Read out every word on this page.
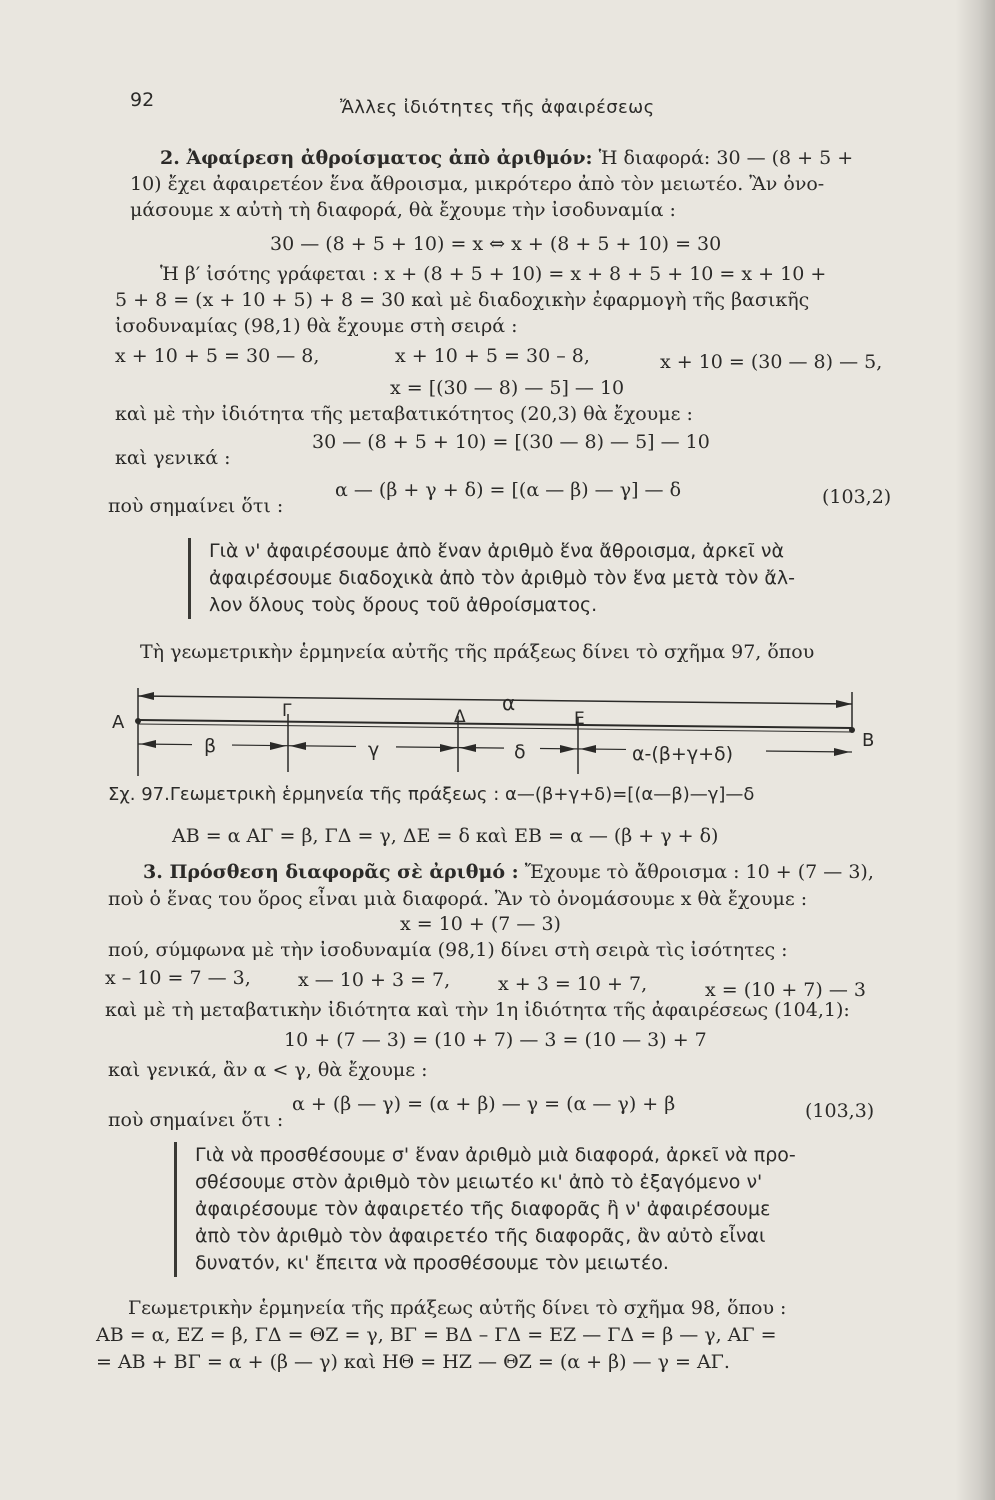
92	Ἄλλες ἰδιότητες τῆς ἀφαιρέσεως
2. Ἀφαίρεση ἀθροίσματος ἀπὸ ἀριθμόν: Ἡ διαφορά: 30 — (8 + 5 +
10) ἔχει ἀφαιρετέον ἕνα ἄθροισμα, μικρότερο ἀπὸ τὸν μειωτέο. Ἂν ὀνο-
μάσουμε x αὐτὴ τὴ διαφορά, θὰ ἔχουμε τὴν ἰσοδυναμία :
30 — (8 + 5 + 10) = x ⇔ x + (8 + 5 + 10) = 30
Ἡ β′ ἰσότης γράφεται : x + (8 + 5 + 10) = x + 8 + 5 + 10 = x + 10 +
5 + 8 = (x + 10 + 5) + 8 = 30 καὶ μὲ διαδοχικὴν ἐφαρμογὴ τῆς βασικῆς
ἰσοδυναμίας (98,1) θὰ ἔχουμε στὴ σειρά :
x + 10 + 5 = 30 — 8,	x + 10 + 5 = 30 – 8,	x + 10 = (30 — 8) — 5,
x = [(30 — 8) — 5] — 10
καὶ μὲ τὴν ἰδιότητα τῆς μεταβατικότητος (20,3) θὰ ἔχουμε :
30 — (8 + 5 + 10) = [(30 — 8) — 5] — 10
καὶ γενικά :
α — (β + γ + δ) = [(α — β) — γ] — δ	(103,2)
ποὺ σημαίνει ὅτι :
Γιὰ ν' ἀφαιρέσουμε ἀπὸ ἕναν ἀριθμὸ ἕνα ἄθροισμα, ἀρκεῖ νὰ
ἀφαιρέσουμε διαδοχικὰ ἀπὸ τὸν ἀριθμὸ τὸν ἕνα μετὰ τὸν ἄλ-
λον ὅλους τοὺς ὅρους τοῦ ἀθροίσματος.
Τὴ γεωμετρικὴν ἑρμηνεία αὐτῆς τῆς πράξεως δίνει τὸ σχῆμα 97, ὅπου
α
A
B
Γ	Δ	Ε
β	γ	δ	α-(β+γ+δ)
Σχ. 97.Γεωμετρικὴ ἑρμηνεία τῆς πράξεως : α—(β+γ+δ)=[(α—β)—γ]—δ
ΑΒ = α ΑΓ = β, ΓΔ = γ, ΔΕ = δ καὶ ΕΒ = α — (β + γ + δ)
3. Πρόσθεση διαφορᾶς σὲ ἀριθμό : Ἔχουμε τὸ ἄθροισμα : 10 + (7 — 3),
ποὺ ὁ ἕνας του ὅρος εἶναι μιὰ διαφορά. Ἂν τὸ ὀνομάσουμε x θὰ ἔχουμε :
x = 10 + (7 — 3)
πού, σύμφωνα μὲ τὴν ἰσοδυναμία (98,1) δίνει στὴ σειρὰ τὶς ἰσότητες :
x – 10 = 7 — 3, x — 10 + 3 = 7,	x + 3 = 10 + 7,	x = (10 + 7) — 3
καὶ μὲ τὴ μεταβατικὴν ἰδιότητα καὶ τὴν 1η ἰδιότητα τῆς ἀφαιρέσεως (104,1):
10 + (7 — 3) = (10 + 7) — 3 = (10 — 3) + 7
καὶ γενικά, ἂν α < γ, θὰ ἔχουμε :
α + (β — γ) = (α + β) — γ = (α — γ) + β	(103,3)
ποὺ σημαίνει ὅτι :
Γιὰ νὰ προσθέσουμε σ' ἕναν ἀριθμὸ μιὰ διαφορά, ἀρκεῖ νὰ προ-
σθέσουμε στὸν ἀριθμὸ τὸν μειωτέο κι' ἀπὸ τὸ ἐξαγόμενο ν'
ἀφαιρέσουμε τὸν ἀφαιρετέο τῆς διαφορᾶς ἢ ν' ἀφαιρέσουμε
ἀπὸ τὸν ἀριθμὸ τὸν ἀφαιρετέο τῆς διαφορᾶς, ἂν αὐτὸ εἶναι
δυνατόν, κι' ἔπειτα νὰ προσθέσουμε τὸν μειωτέο.
Γεωμετρικὴν ἑρμηνεία τῆς πράξεως αὐτῆς δίνει τὸ σχῆμα 98, ὅπου :
ΑΒ = α, ΕΖ = β, ΓΔ = ΘΖ = γ, ΒΓ = ΒΔ – ΓΔ = ΕΖ — ΓΔ = β — γ, ΑΓ =
= ΑΒ + ΒΓ = α + (β — γ) καὶ ΗΘ = ΗΖ — ΘΖ = (α + β) — γ = ΑΓ.
